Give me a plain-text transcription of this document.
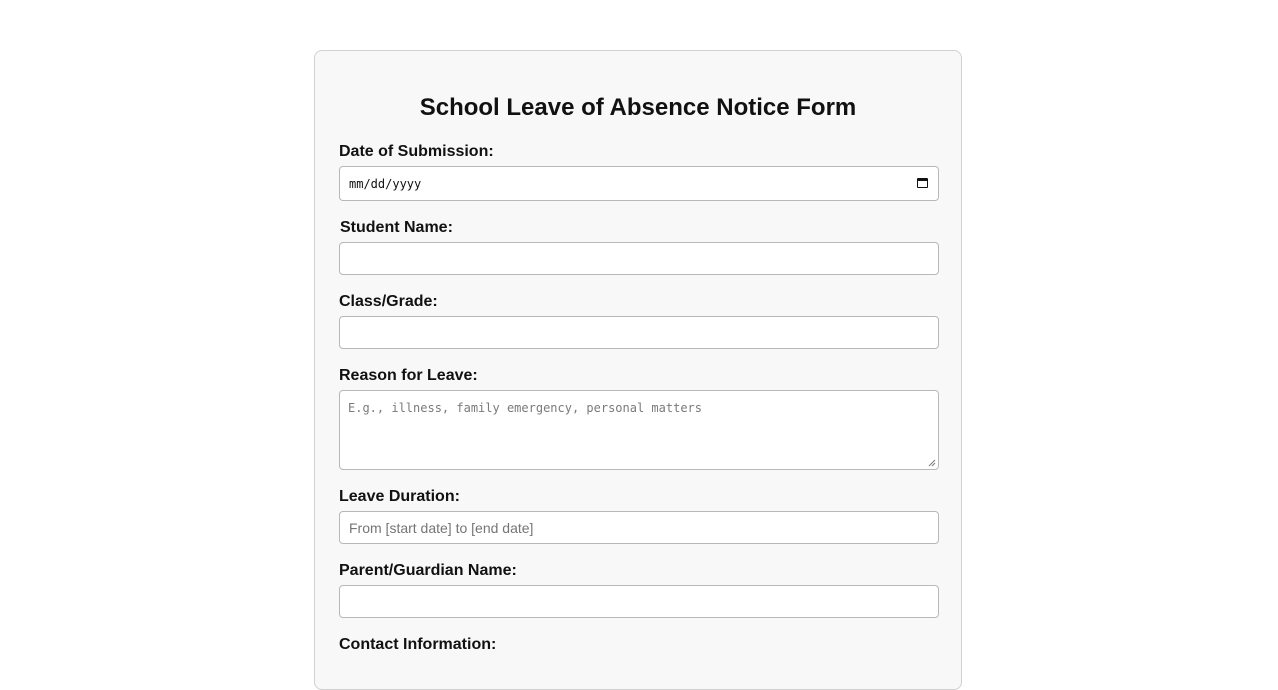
School Leave of Absence Notice Form
Date of Submission:
mm/dd/yyyy
Student Name:
Class/Grade:
Reason for Leave:
E.g., illness, family emergency, personal matters
Leave Duration:
From [start date] to [end date]
Parent/Guardian Name:
Contact Information:
